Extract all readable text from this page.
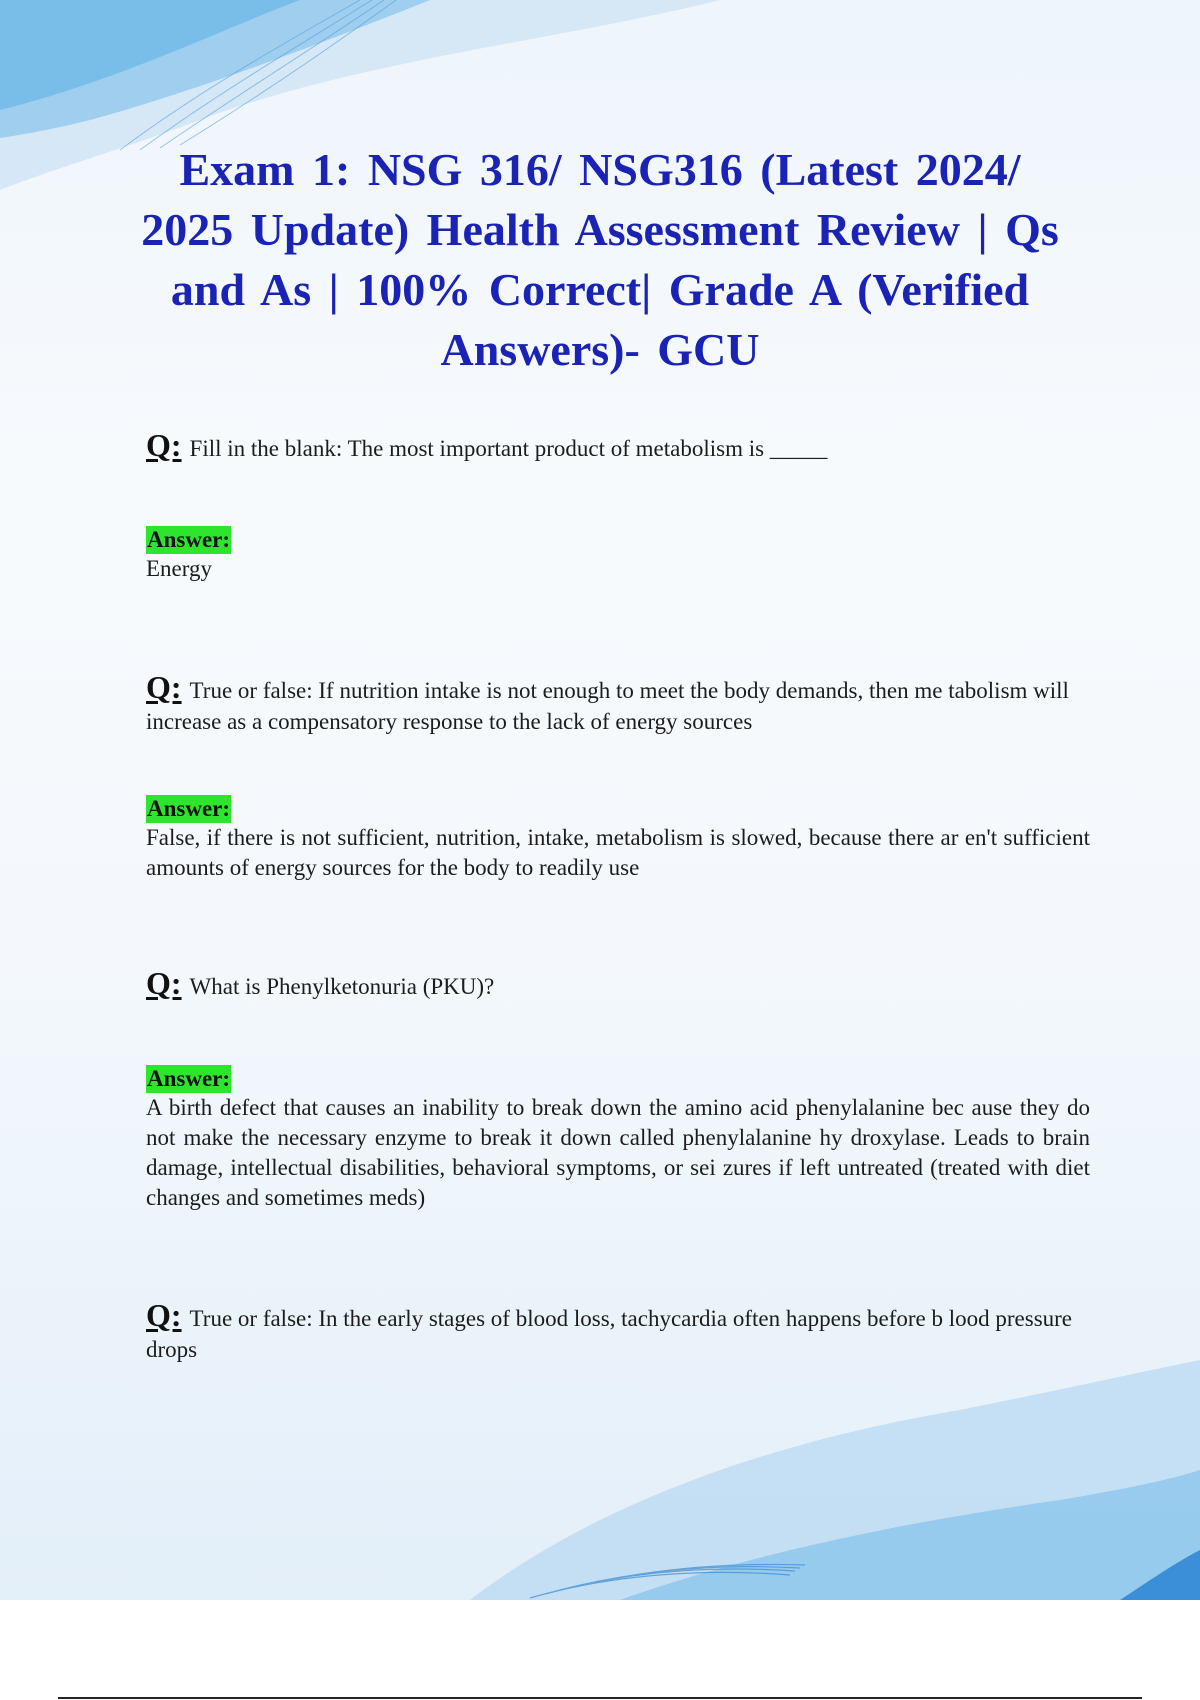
Exam 1: NSG 316/ NSG316 (Latest 2024/ 2025 Update) Health Assessment Review | Qs and As | 100% Correct| Grade A (Verified Answers)- GCU
Q: Fill in the blank: The most important product of metabolism is _____
Answer:
Energy
Q: True or false: If nutrition intake is not enough to meet the body demands, then me tabolism will increase as a compensatory response to the lack of energy sources
Answer:
False, if there is not sufficient, nutrition, intake, metabolism is slowed, because there ar en't sufficient amounts of energy sources for the body to readily use
Q: What is Phenylketonuria (PKU)?
Answer:
A birth defect that causes an inability to break down the amino acid phenylalanine bec ause they do not make the necessary enzyme to break it down called phenylalanine hy droxylase. Leads to brain damage, intellectual disabilities, behavioral symptoms, or sei zures if left untreated (treated with diet changes and sometimes meds)
Q: True or false: In the early stages of blood loss, tachycardia often happens before b lood pressure drops
